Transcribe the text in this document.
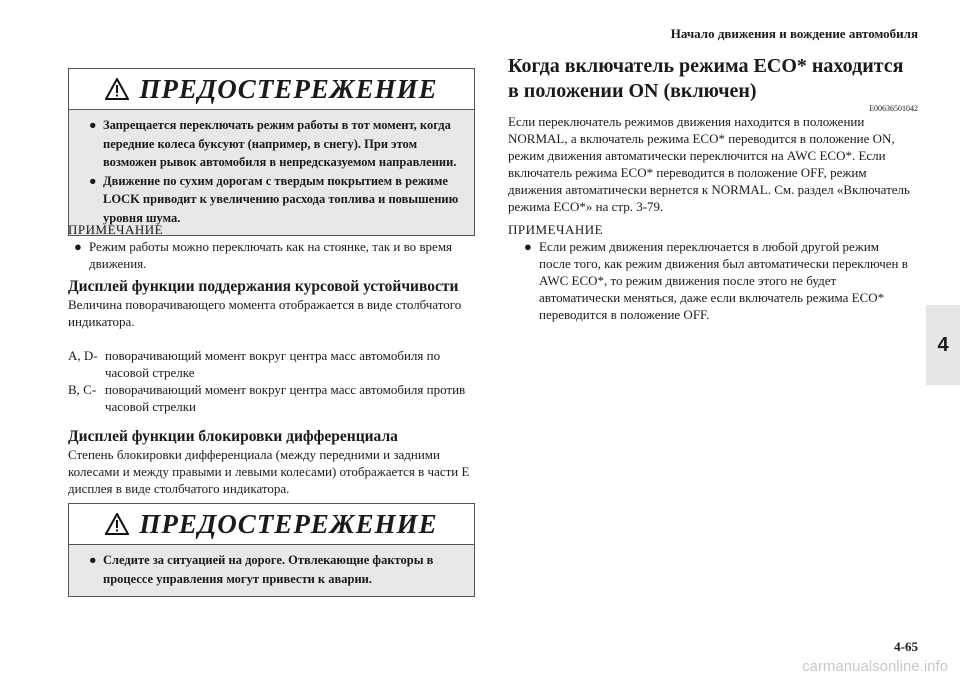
Начало движения и вождение автомобиля
4
ПРЕДОСТЕРЕЖЕНИЕ
● Запрещается переключать режим работы в тот момент, когда передние колеса буксуют (например, в снегу). При этом возможен рывок автомобиля в непредсказуемом направлении.
● Движение по сухим дорогам с твердым покрытием в режиме LOCK приводит к увеличению расхода топлива и повышению уровня шума.
ПРИМЕЧАНИЕ
● Режим работы можно переключать как на стоянке, так и во время движения.
Дисплей функции поддержания курсовой устойчивости

Величина поворачивающего момента отображается в виде столбчатого индикатора.

A, D- поворачивающий момент вокруг центра масс автомобиля по часовой стрелке
B, C- поворачивающий момент вокруг центра масс автомобиля против часовой стрелки
Дисплей функции блокировки дифференциала

Степень блокировки дифференциала (между передними и задними колесами и между правыми и левыми колесами) отображается в части E дисплея в виде столбчатого индикатора.

ПРЕДОСТЕРЕЖЕНИЕ
● Следите за ситуацией на дороге. Отвлекающие факторы в процессе управления могут привести к аварии.
Когда включатель режима ECO* находится в положении ON (включен)
E00636501042

Если переключатель режимов движения находится в положении NORMAL, а включатель режима ECO* переводится в положение ON, режим движения автоматически переключится на AWC ECO*. Если включатель режима ECO* переводится в положение OFF, режим движения автоматически вернется к NORMAL. См. раздел «Включатель режима ECO*» на стр. 3-79.

ПРИМЕЧАНИЕ
● Если режим движения переключается в любой другой режим после того, как режим движения был автоматически переключен в AWC ECO*, то режим движения после этого не будет автоматически меняться, даже если включатель режима ECO* переводится в положение OFF.
4-65
carmanualsonline.info
